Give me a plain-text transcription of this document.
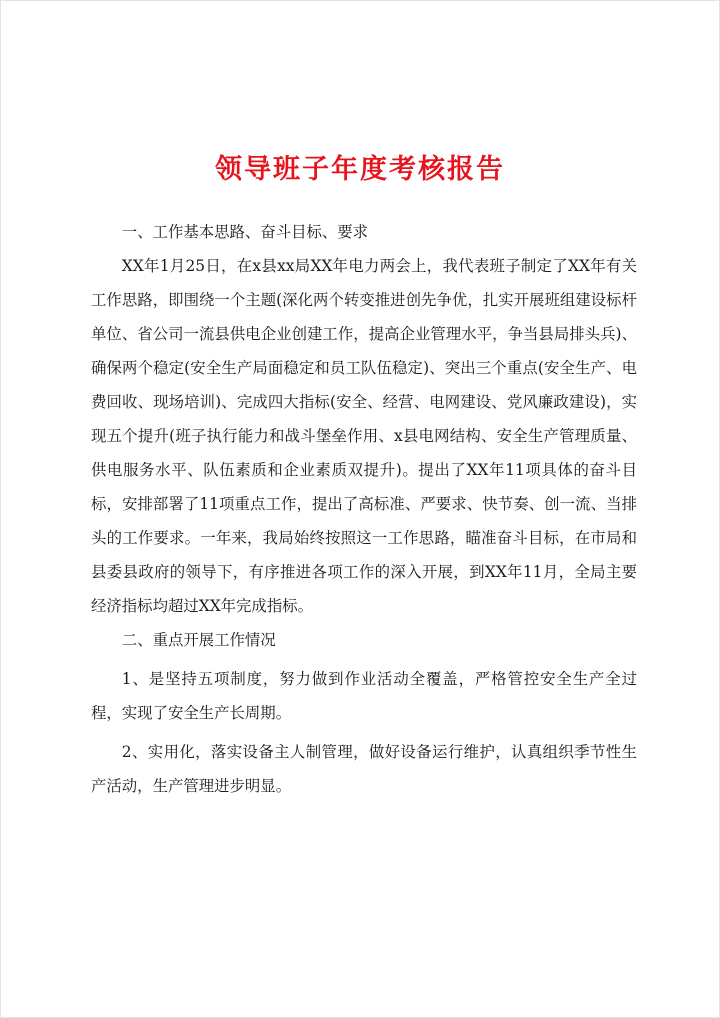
领导班子年度考核报告

一、工作基本思路、奋斗目标、要求

XX年1月25日，在x县xx局XX年电力两会上，我代表班子制定了XX年有关工作思路，即围绕一个主题(深化两个转变推进创先争优，扎实开展班组建设标杆单位、省公司一流县供电企业创建工作，提高企业管理水平，争当县局排头兵)、确保两个稳定(安全生产局面稳定和员工队伍稳定)、突出三个重点(安全生产、电费回收、现场培训)、完成四大指标(安全、经营、电网建设、党风廉政建设)，实现五个提升(班子执行能力和战斗堡垒作用、x县电网结构、安全生产管理质量、供电服务水平、队伍素质和企业素质双提升)。提出了XX年11项具体的奋斗目标，安排部署了11项重点工作，提出了高标准、严要求、快节奏、创一流、当排头的工作要求。一年来，我局始终按照这一工作思路，瞄准奋斗目标，在市局和县委县政府的领导下，有序推进各项工作的深入开展，到XX年11月，全局主要经济指标均超过XX年完成指标。

二、重点开展工作情况

1、是坚持五项制度，努力做到作业活动全覆盖，严格管控安全生产全过程，实现了安全生产长周期。

2、实用化，落实设备主人制管理，做好设备运行维护，认真组织季节性生产活动，生产管理进步明显。
